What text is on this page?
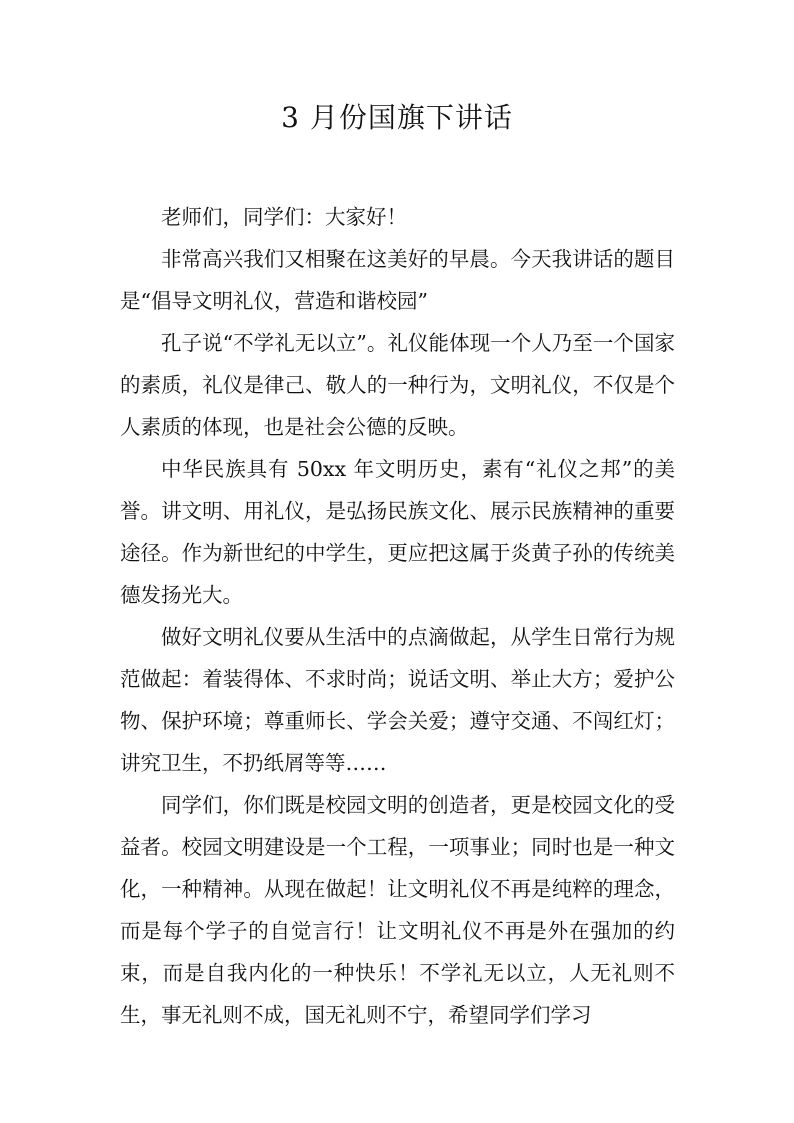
3 月份国旗下讲话

老师们，同学们：大家好！

非常高兴我们又相聚在这美好的早晨。今天我讲话的题目是“倡导文明礼仪，营造和谐校园”

孔子说“不学礼无以立”。礼仪能体现一个人乃至一个国家的素质，礼仪是律己、敬人的一种行为，文明礼仪，不仅是个人素质的体现，也是社会公德的反映。

中华民族具有 50xx 年文明历史，素有“礼仪之邦”的美誉。讲文明、用礼仪，是弘扬民族文化、展示民族精神的重要途径。作为新世纪的中学生，更应把这属于炎黄子孙的传统美德发扬光大。

做好文明礼仪要从生活中的点滴做起，从学生日常行为规范做起：着装得体、不求时尚；说话文明、举止大方；爱护公物、保护环境；尊重师长、学会关爱；遵守交通、不闯红灯；讲究卫生，不扔纸屑等等……

同学们，你们既是校园文明的创造者，更是校园文化的受益者。校园文明建设是一个工程，一项事业；同时也是一种文化，一种精神。从现在做起！让文明礼仪不再是纯粹的理念，而是每个学子的自觉言行！让文明礼仪不再是外在强加的约束，而是自我内化的一种快乐！不学礼无以立，人无礼则不生，事无礼则不成，国无礼则不宁，希望同学们学习
